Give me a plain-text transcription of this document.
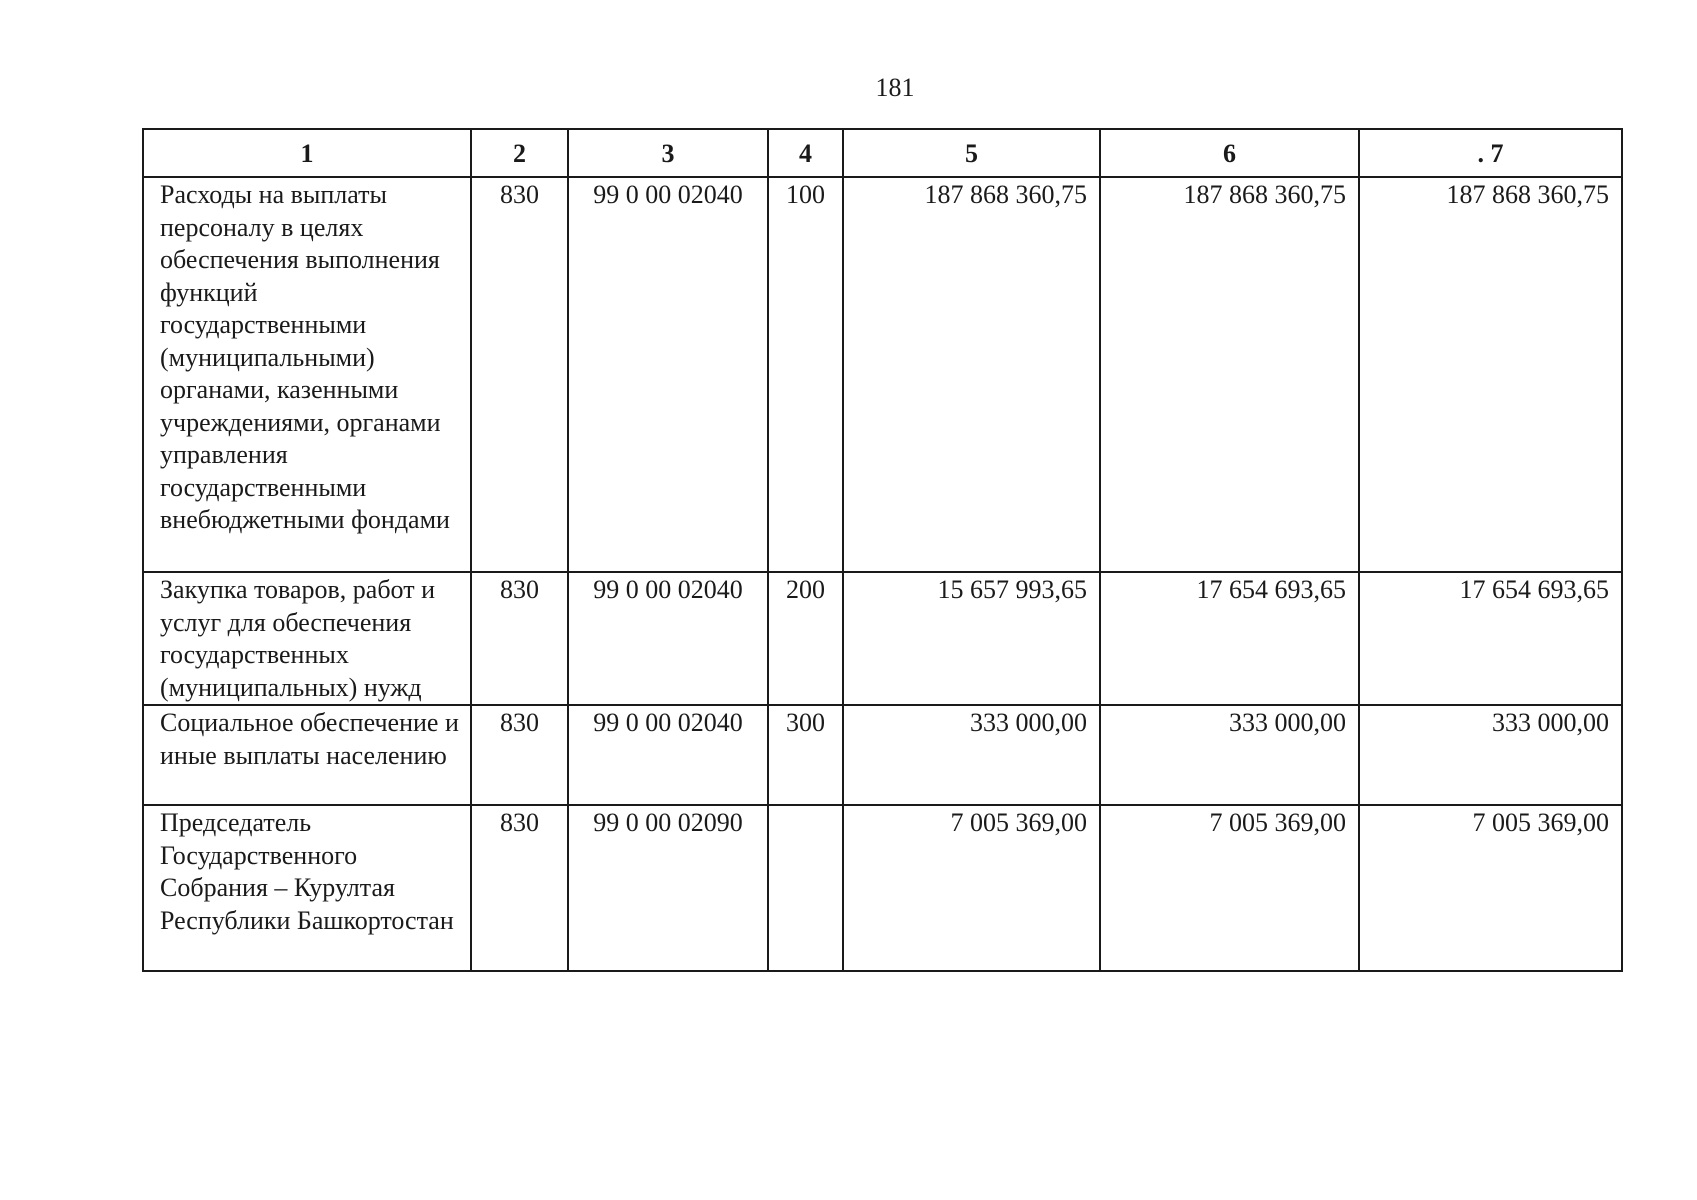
181
1	2	3	4	5	6	. 7
Расходы на выплаты персоналу в целях обеспечения выполнения функций государственными (муниципальными) органами, казенными учреждениями, органами управления государственными внебюджетными фондами	830	99 0 00 02040	100	187 868 360,75	187 868 360,75	187 868 360,75
Закупка товаров, работ и услуг для обеспечения государственных (муниципальных) нужд	830	99 0 00 02040	200	15 657 993,65	17 654 693,65	17 654 693,65
Социальное обеспечение и иные выплаты населению	830	99 0 00 02040	300	333 000,00	333 000,00	333 000,00
Председатель Государственного Собрания – Курултая Республики Башкортостан	830	99 0 00 02090		7 005 369,00	7 005 369,00	7 005 369,00
